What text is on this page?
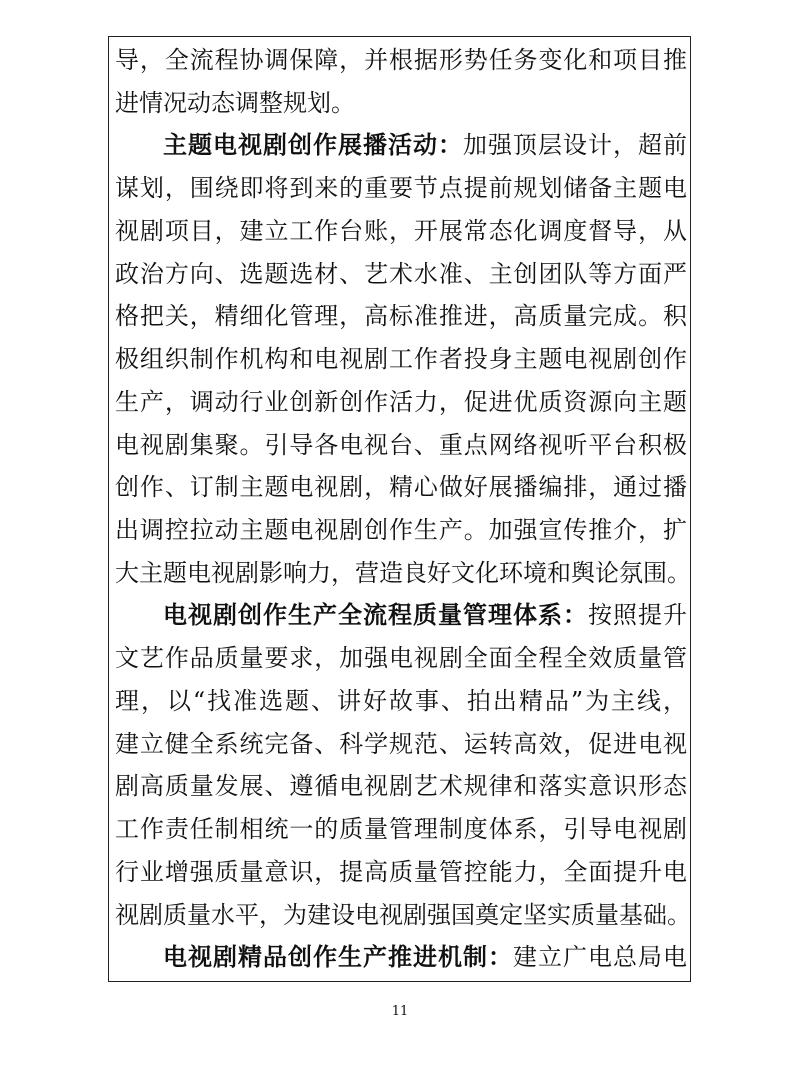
导，全流程协调保障，并根据形势任务变化和项目推
进情况动态调整规划。
主题电视剧创作展播活动：加强顶层设计，超前
谋划，围绕即将到来的重要节点提前规划储备主题电
视剧项目，建立工作台账，开展常态化调度督导，从
政治方向、选题选材、艺术水准、主创团队等方面严
格把关，精细化管理，高标准推进，高质量完成。积
极组织制作机构和电视剧工作者投身主题电视剧创作
生产，调动行业创新创作活力，促进优质资源向主题
电视剧集聚。引导各电视台、重点网络视听平台积极
创作、订制主题电视剧，精心做好展播编排，通过播
出调控拉动主题电视剧创作生产。加强宣传推介，扩
大主题电视剧影响力，营造良好文化环境和舆论氛围。
电视剧创作生产全流程质量管理体系：按照提升
文艺作品质量要求，加强电视剧全面全程全效质量管
理，以“找准选题、讲好故事、拍出精品”为主线，
建立健全系统完备、科学规范、运转高效，促进电视
剧高质量发展、遵循电视剧艺术规律和落实意识形态
工作责任制相统一的质量管理制度体系，引导电视剧
行业增强质量意识，提高质量管控能力，全面提升电
视剧质量水平，为建设电视剧强国奠定坚实质量基础。
电视剧精品创作生产推进机制：建立广电总局电
11
